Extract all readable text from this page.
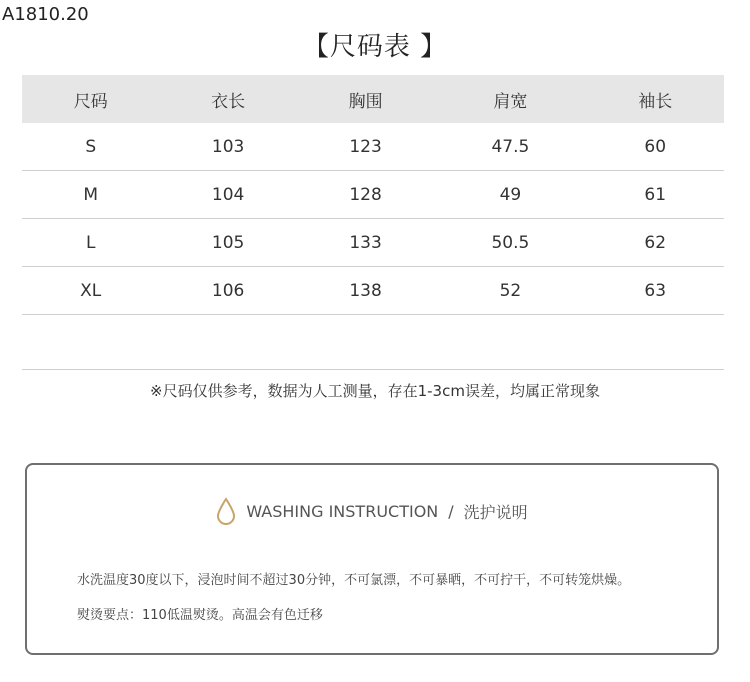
A1810.20
【尺码表 】
尺码	衣长	胸围	肩宽	袖长
S	103	123	47.5	60
M	104	128	49	61
L	105	133	50.5	62
XL	106	138	52	63

※尺码仅供参考，数据为人工测量，存在1-3cm误差，均属正常现象
WASHING INSTRUCTION / 洗护说明
水洗温度30度以下，浸泡时间不超过30分钟，不可氯漂，不可暴晒，不可拧干，不可转笼烘燥。
熨烫要点：110低温熨烫。高温会有色迁移
